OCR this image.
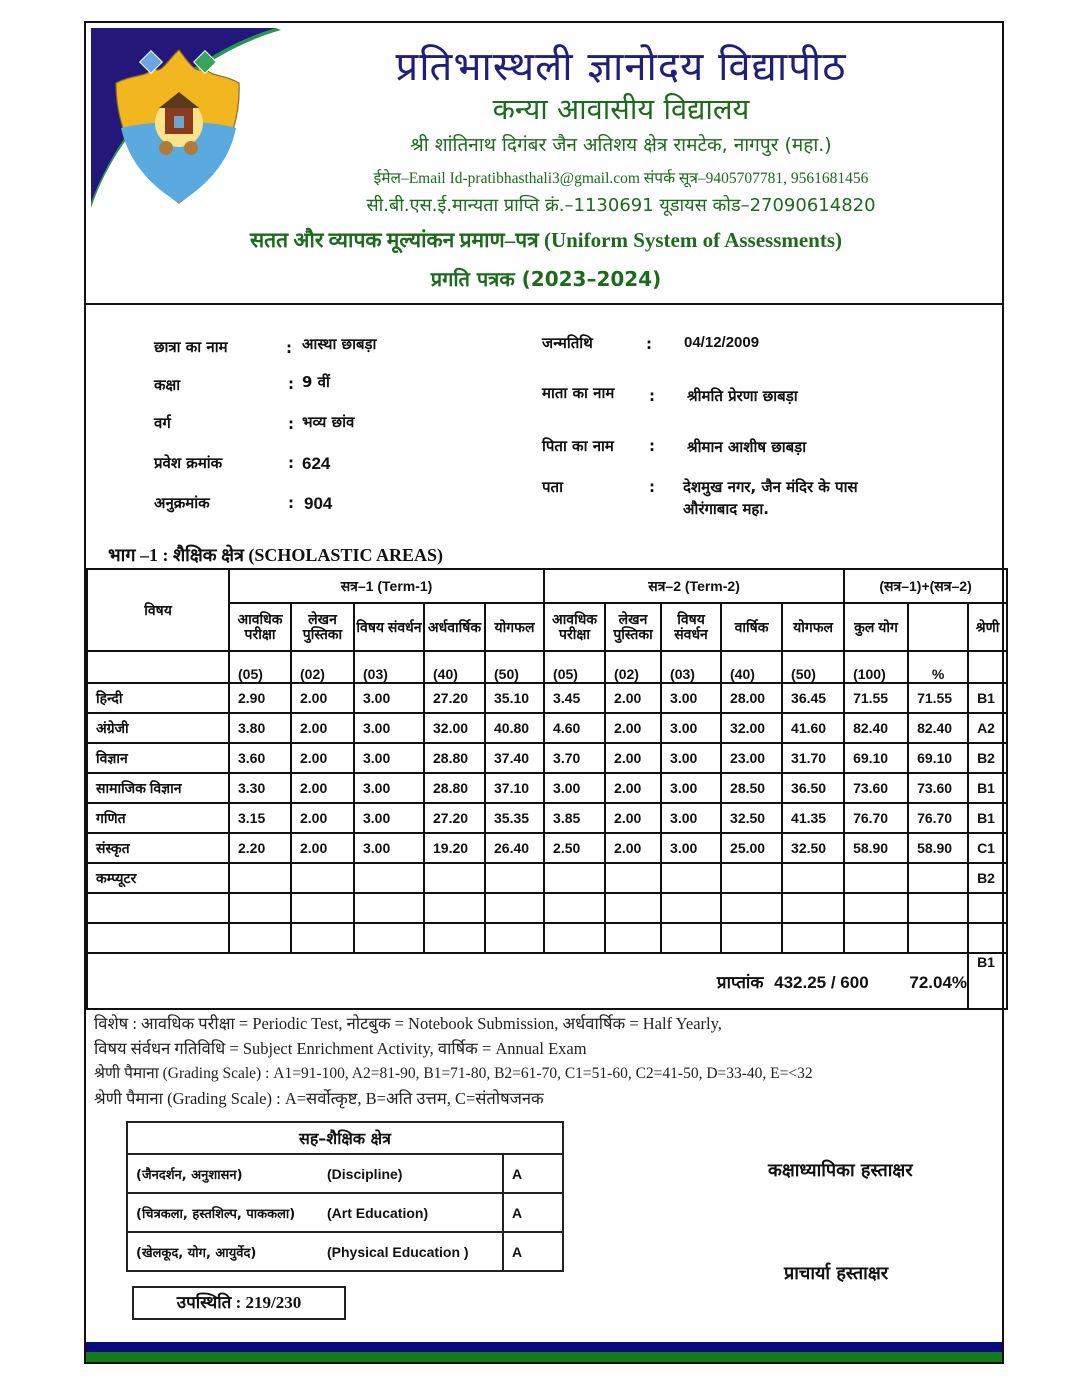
प्रतिभास्थली ज्ञानोदय विद्यापीठ
कन्या आवासीय विद्यालय
श्री शांतिनाथ दिगंबर जैन अतिशय क्षेत्र रामटेक, नागपुर (महा.)
ईमेल–Email Id-pratibhasthali3@gmail.com संपर्क सूत्र–9405707781, 9561681456
सी.बी.एस.ई.मान्यता प्राप्ति क्रं.–1130691 यूडायस कोड–27090614820
सतत और व्यापक मूल्यांकन प्रमाण–पत्र (Uniform System of Assessments)
प्रगति पत्रक (2023–2024)
छात्रा का नाम	: आस्था छाबड़ा
कक्षा	: 9 वीं
वर्ग	: भव्य छांव
प्रवेश क्रमांक	: 624
अनुक्रमांक	: 904
जन्मतिथि	: 04/12/2009
माता का नाम : श्रीमति प्रेरणा छाबड़ा
पिता का नाम : श्रीमान आशीष छाबड़ा
पता	: देशमुख नगर, जैन मंदिर के पास
औरंगाबाद महा.
भाग –1 : शैक्षिक क्षेत्र (SCHOLASTIC AREAS)
विषय	सत्र–1 (Term-1)					सत्र–2 (Term-2)					(सत्र–1)+(सत्र–2)		
	आवधिक परीक्षा	लेखन पुस्तिका	विषय संवर्धन	अर्धवार्षिक	योगफल	आवधिक परीक्षा	लेखन पुस्तिका	विषय संवर्धन	वार्षिक	योगफल	कुल योग		श्रेणी
	(05)	(02)	(03)	(40)	(50)	(05)	(02)	(03)	(40)	(50)	(100)	%	
हिन्दी	2.90	2.00	3.00	27.20	35.10	3.45	2.00	3.00	28.00	36.45	71.55	71.55	B1
अंग्रेजी	3.80	2.00	3.00	32.00	40.80	4.60	2.00	3.00	32.00	41.60	82.40	82.40	A2
विज्ञान	3.60	2.00	3.00	28.80	37.40	3.70	2.00	3.00	23.00	31.70	69.10	69.10	B2
सामाजिक विज्ञान	3.30	2.00	3.00	28.80	37.10	3.00	2.00	3.00	28.50	36.50	73.60	73.60	B1
गणित	3.15	2.00	3.00	27.20	35.35	3.85	2.00	3.00	32.50	41.35	76.70	76.70	B1
संस्कृत	2.20	2.00	3.00	19.20	26.40	2.50	2.00	3.00	25.00	32.50	58.90	58.90	C1
कम्प्यूटर													B2

प्राप्तांक 432.25 / 600 72.04%													B1
विशेष : आवधिक परीक्षा = Periodic Test, नोटबुक = Notebook Submission, अर्धवार्षिक = Half Yearly,
विषय संर्वधन गतिविधि = Subject Enrichment Activity, वार्षिक = Annual Exam
श्रेणी पैमाना (Grading Scale) : A1=91-100, A2=81-90, B1=71-80, B2=61-70, C1=51-60, C2=41-50, D=33-40, E=<32
श्रेणी पैमाना (Grading Scale) : A=सर्वोत्कृष्ट, B=अति उत्तम, C=संतोषजनक
सह–शैक्षिक क्षेत्र		
(जैनदर्शन, अनुशासन)	(Discipline)	A
(चित्रकला, हस्तशिल्प, पाककला)	(Art Education)	A
(खेलकूद, योग, आयुर्वेद)	(Physical Education )	A
उपस्थिति : 219/230
कक्षाध्यापिका हस्ताक्षर
प्राचार्या हस्ताक्षर
